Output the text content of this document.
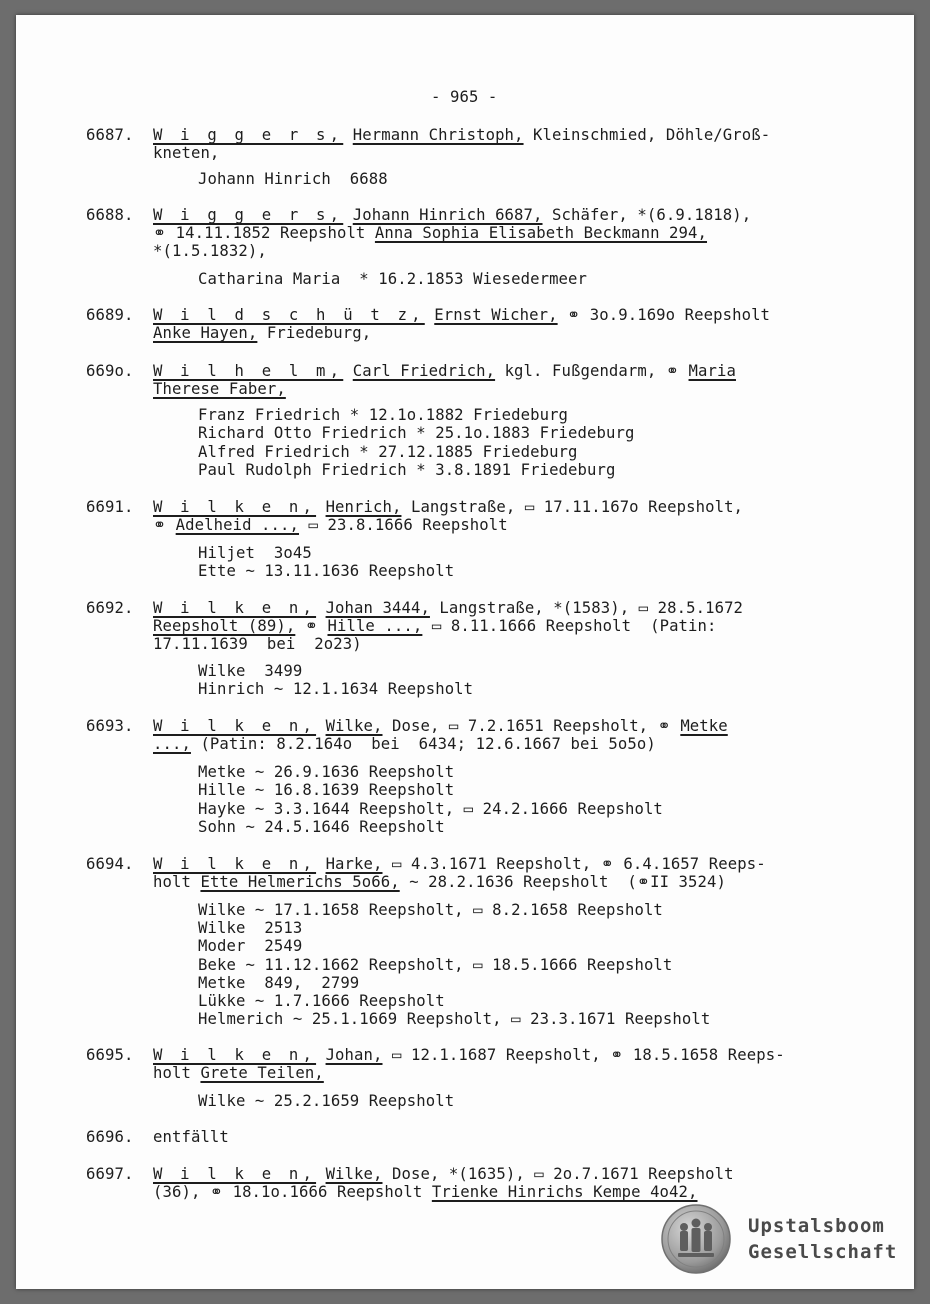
- 965 -
6687. W i g g e r s, Hermann Christoph, Kleinschmied, Döhle/Groß-
kneten,
Johann Hinrich  6688
6688. W i g g e r s, Johann Hinrich 6687, Schäfer, *(6.9.1818),
⚭ 14.11.1852 Reepsholt Anna Sophia Elisabeth Beckmann 294,
*(1.5.1832),
Catharina Maria  * 16.2.1853 Wiesedermeer
6689. W i l d s c h ü t z, Ernst Wicher, ⚭ 3o.9.169o Reepsholt
Anke Hayen, Friedeburg,
669o. W i l h e l m, Carl Friedrich, kgl. Fußgendarm, ⚭ Maria
Therese Faber,
Franz Friedrich * 12.1o.1882 Friedeburg
Richard Otto Friedrich * 25.1o.1883 Friedeburg
Alfred Friedrich * 27.12.1885 Friedeburg
Paul Rudolph Friedrich * 3.8.1891 Friedeburg
6691. W i l k e n, Henrich, Langstraße, ▭ 17.11.167o Reepsholt,
⚭ Adelheid ..., ▭ 23.8.1666 Reepsholt
Hiljet  3o45
Ette ~ 13.11.1636 Reepsholt
6692. W i l k e n, Johan 3444, Langstraße, *(1583), ▭ 28.5.1672
Reepsholt (89), ⚭ Hille ..., ▭ 8.11.1666 Reepsholt  (Patin:
17.11.1639  bei  2o23)
Wilke  3499
Hinrich ~ 12.1.1634 Reepsholt
6693. W i l k e n, Wilke, Dose, ▭ 7.2.1651 Reepsholt, ⚭ Metke
..., (Patin: 8.2.164o  bei  6434; 12.6.1667 bei 5o5o)
Metke ~ 26.9.1636 Reepsholt
Hille ~ 16.8.1639 Reepsholt
Hayke ~ 3.3.1644 Reepsholt, ▭ 24.2.1666 Reepsholt
Sohn ~ 24.5.1646 Reepsholt
6694. W i l k e n, Harke, ▭ 4.3.1671 Reepsholt, ⚭ 6.4.1657 Reeps-
holt Ette Helmerichs 5o66, ~ 28.2.1636 Reepsholt  (⚭II 3524)
Wilke ~ 17.1.1658 Reepsholt, ▭ 8.2.1658 Reepsholt
Wilke  2513
Moder  2549
Beke ~ 11.12.1662 Reepsholt, ▭ 18.5.1666 Reepsholt
Metke  849,  2799
Lükke ~ 1.7.1666 Reepsholt
Helmerich ~ 25.1.1669 Reepsholt, ▭ 23.3.1671 Reepsholt
6695. W i l k e n, Johan, ▭ 12.1.1687 Reepsholt, ⚭ 18.5.1658 Reeps-
holt Grete Teilen,
Wilke ~ 25.2.1659 Reepsholt
6696. entfällt
6697. W i l k e n, Wilke, Dose, *(1635), ▭ 2o.7.1671 Reepsholt
(36), ⚭ 18.1o.1666 Reepsholt Trienke Hinrichs Kempe 4o42,
Upstalsboom
Gesellschaft
